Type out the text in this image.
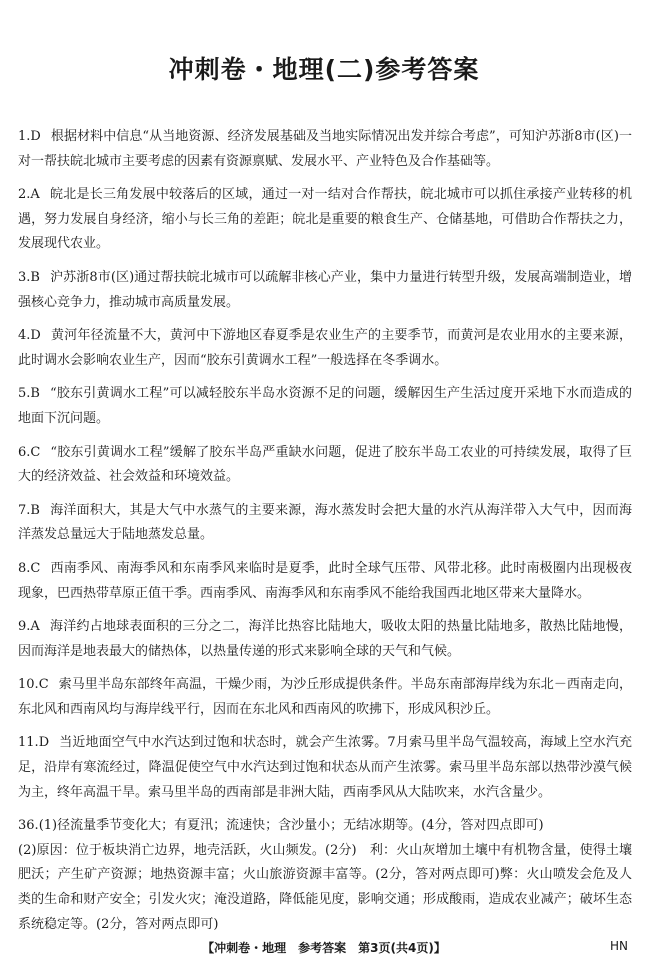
冲刺卷・地理(二)参考答案

1.D 根据材料中信息“从当地资源、经济发展基础及当地实际情况出发并综合考虑”，可知沪苏浙8市(区)一对一帮扶皖北城市主要考虑的因素有资源禀赋、发展水平、产业特色及合作基础等。

2.A 皖北是长三角发展中较落后的区域，通过一对一结对合作帮扶，皖北城市可以抓住承接产业转移的机遇，努力发展自身经济，缩小与长三角的差距；皖北是重要的粮食生产、仓储基地，可借助合作帮扶之力，发展现代农业。

3.B 沪苏浙8市(区)通过帮扶皖北城市可以疏解非核心产业，集中力量进行转型升级，发展高端制造业，增强核心竞争力，推动城市高质量发展。

4.D 黄河年径流量不大，黄河中下游地区春夏季是农业生产的主要季节，而黄河是农业用水的主要来源，此时调水会影响农业生产，因而“胶东引黄调水工程”一般选择在冬季调水。

5.B “胶东引黄调水工程”可以减轻胶东半岛水资源不足的问题，缓解因生产生活过度开采地下水而造成的地面下沉问题。

6.C “胶东引黄调水工程”缓解了胶东半岛严重缺水问题，促进了胶东半岛工农业的可持续发展，取得了巨大的经济效益、社会效益和环境效益。

7.B 海洋面积大，其是大气中水蒸气的主要来源，海水蒸发时会把大量的水汽从海洋带入大气中，因而海洋蒸发总量远大于陆地蒸发总量。

8.C 西南季风、南海季风和东南季风来临时是夏季，此时全球气压带、风带北移。此时南极圈内出现极夜现象，巴西热带草原正值干季。西南季风、南海季风和东南季风不能给我国西北地区带来大量降水。

9.A 海洋约占地球表面积的三分之二，海洋比热容比陆地大，吸收太阳的热量比陆地多，散热比陆地慢，因而海洋是地表最大的储热体，以热量传递的形式来影响全球的天气和气候。

10.C 索马里半岛东部终年高温，干燥少雨，为沙丘形成提供条件。半岛东南部海岸线为东北－西南走向，东北风和西南风均与海岸线平行，因而在东北风和西南风的吹拂下，形成风积沙丘。

11.D 当近地面空气中水汽达到过饱和状态时，就会产生浓雾。7月索马里半岛气温较高，海域上空水汽充足，沿岸有寒流经过，降温促使空气中水汽达到过饱和状态从而产生浓雾。索马里半岛东部以热带沙漠气候为主，终年高温干旱。索马里半岛的西南部是非洲大陆，西南季风从大陆吹来，水汽含量少。

36.(1)径流量季节变化大；有夏汛；流速快；含沙量小；无结冰期等。(4分，答对四点即可)

(2)原因：位于板块消亡边界，地壳活跃，火山频发。(2分)　利：火山灰增加土壤中有机物含量，使得土壤肥沃；产生矿产资源；地热资源丰富；火山旅游资源丰富等。(2分，答对两点即可)弊：火山喷发会危及人类的生命和财产安全；引发火灾；淹没道路，降低能见度，影响交通；形成酸雨，造成农业减产；破坏生态系统稳定等。(2分，答对两点即可)

【冲刺卷・地理　参考答案　第3页(共4页)】	HN
